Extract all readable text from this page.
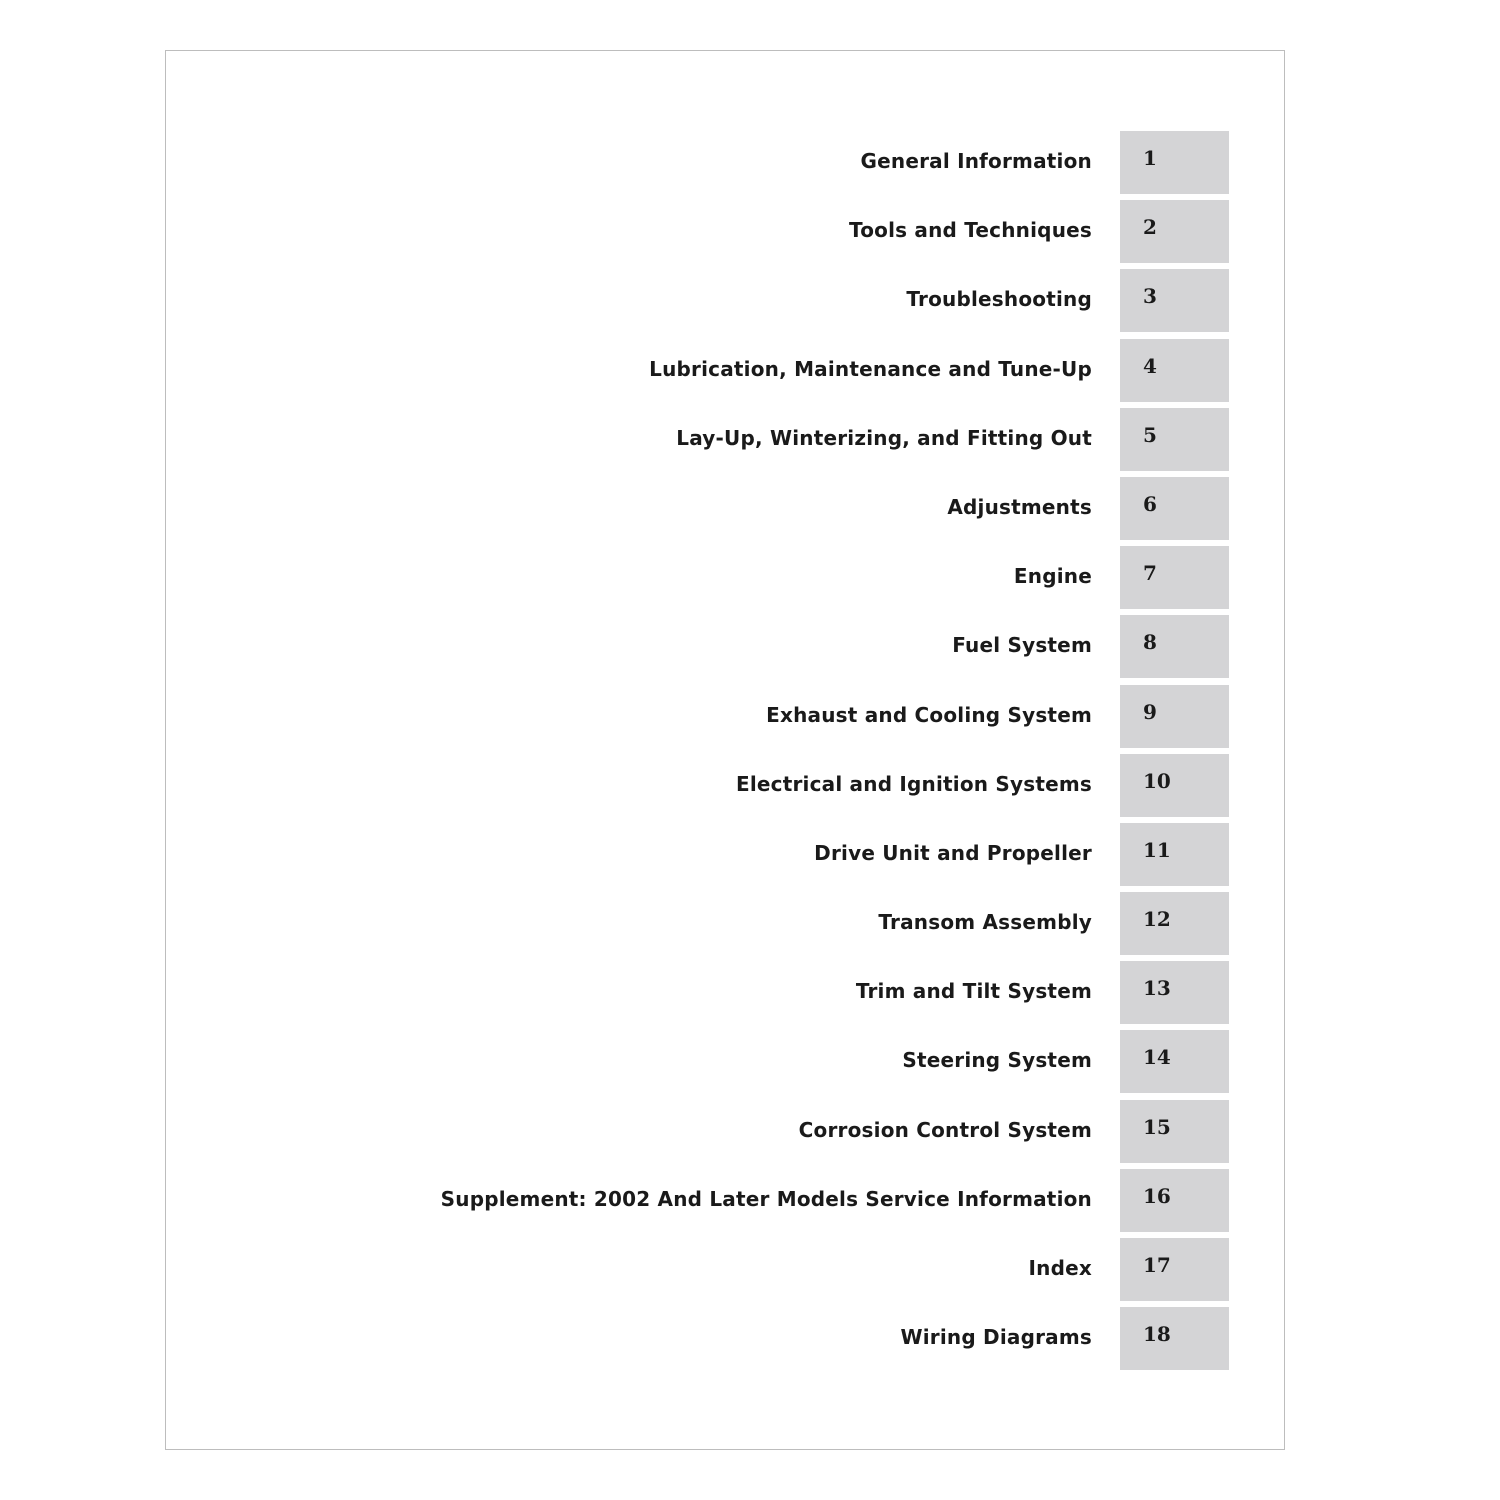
General Information	1
Tools and Techniques	2
Troubleshooting	3
Lubrication, Maintenance and Tune-Up	4
Lay-Up, Winterizing, and Fitting Out	5
Adjustments	6
Engine	7
Fuel System	8
Exhaust and Cooling System	9
Electrical and Ignition Systems	10
Drive Unit and Propeller	11
Transom Assembly	12
Trim and Tilt System	13
Steering System	14
Corrosion Control System	15
Supplement: 2002 And Later Models Service Information	16
Index	17
Wiring Diagrams	18
